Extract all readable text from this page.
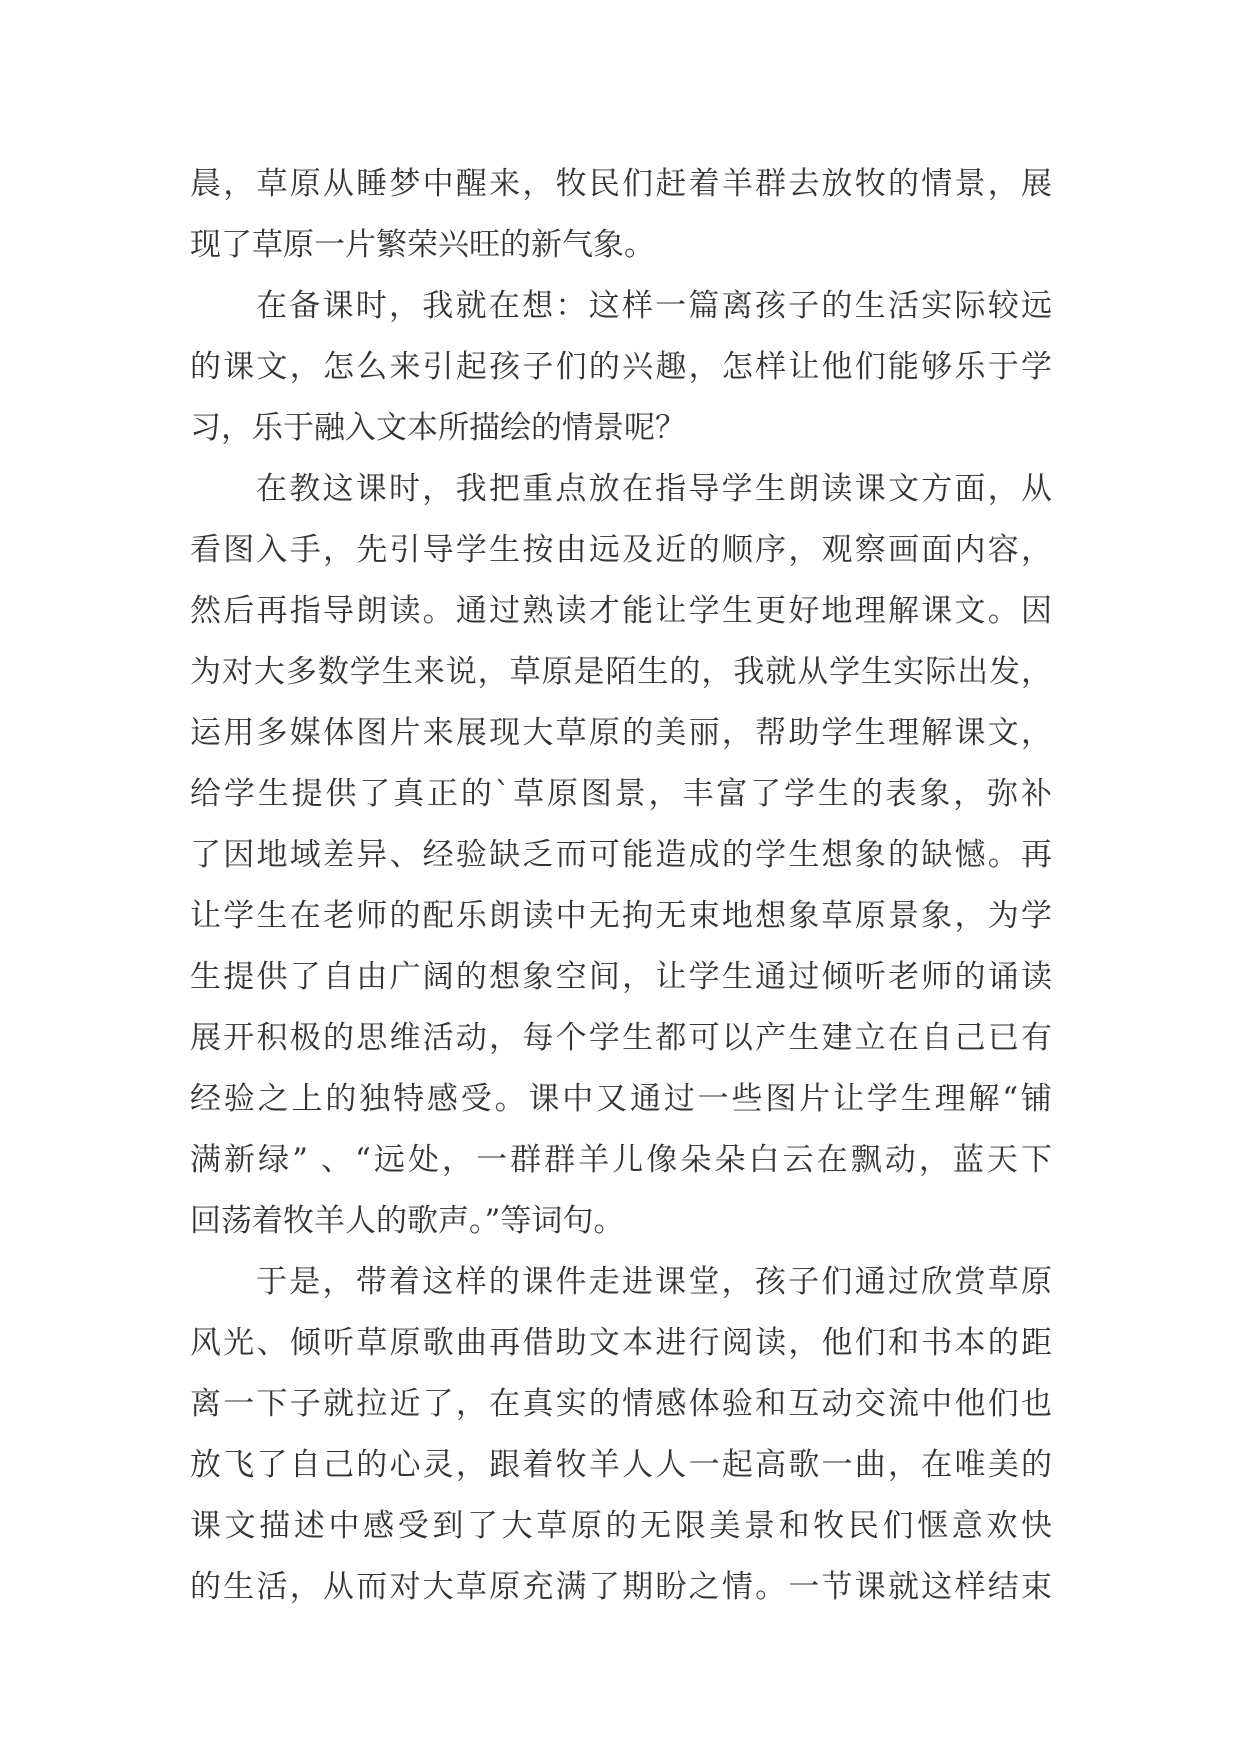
晨，草原从睡梦中醒来，牧民们赶着羊群去放牧的情景，展
现了草原一片繁荣兴旺的新气象。
在备课时，我就在想：这样一篇离孩子的生活实际较远
的课文，怎么来引起孩子们的兴趣，怎样让他们能够乐于学
习，乐于融入文本所描绘的情景呢？
在教这课时，我把重点放在指导学生朗读课文方面，从
看图入手，先引导学生按由远及近的顺序，观察画面内容，
然后再指导朗读。通过熟读才能让学生更好地理解课文。因
为对大多数学生来说，草原是陌生的，我就从学生实际出发，
运用多媒体图片来展现大草原的美丽，帮助学生理解课文，
给学生提供了真正的`草原图景，丰富了学生的表象，弥补
了因地域差异、经验缺乏而可能造成的学生想象的缺憾。再
让学生在老师的配乐朗读中无拘无束地想象草原景象，为学
生提供了自由广阔的想象空间，让学生通过倾听老师的诵读
展开积极的思维活动，每个学生都可以产生建立在自己已有
经验之上的独特感受。课中又通过一些图片让学生理解“铺
满新绿” 、“远处，一群群羊儿像朵朵白云在飘动，蓝天下
回荡着牧羊人的歌声。”等词句。
于是，带着这样的课件走进课堂，孩子们通过欣赏草原
风光、倾听草原歌曲再借助文本进行阅读，他们和书本的距
离一下子就拉近了，在真实的情感体验和互动交流中他们也
放飞了自己的心灵，跟着牧羊人人一起高歌一曲，在唯美的
课文描述中感受到了大草原的无限美景和牧民们惬意欢快
的生活，从而对大草原充满了期盼之情。一节课就这样结束
